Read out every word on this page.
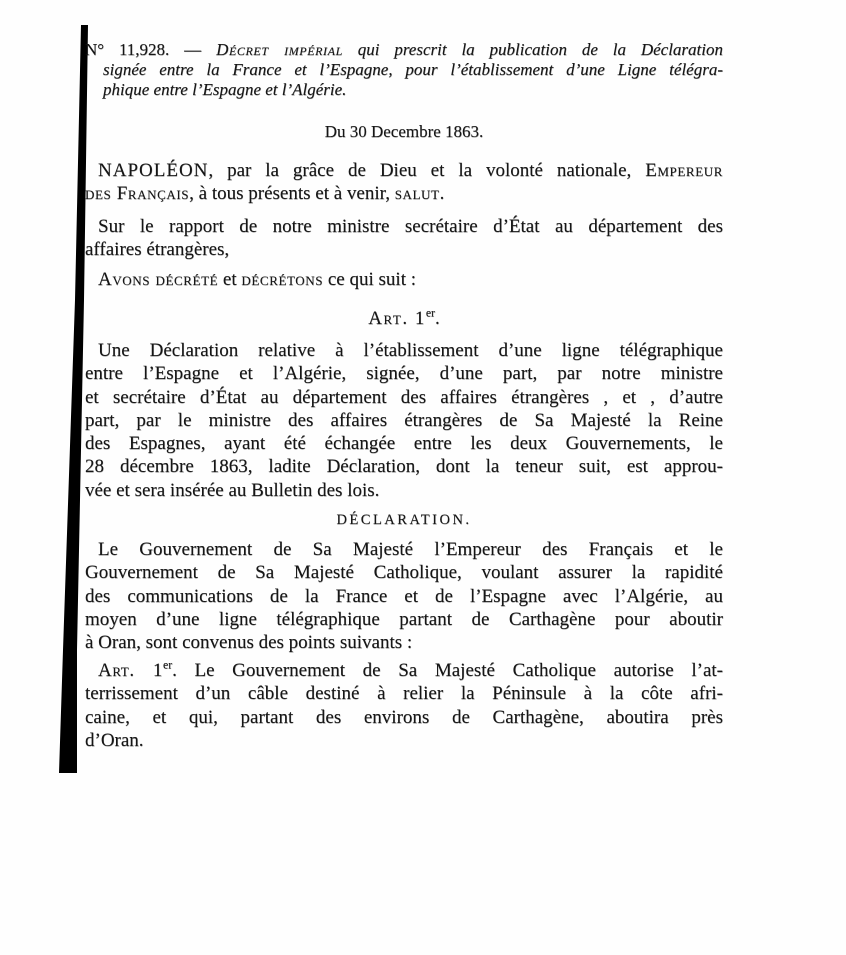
N° 11,928. — Décret impérial qui prescrit la publication de la Déclaration
signée entre la France et l’Espagne, pour l’établissement d’une Ligne télégra-
phique entre l’Espagne et l’Algérie.

Du 30 Decembre 1863.

NAPOLÉON, par la grâce de Dieu et la volonté nationale, Empereur
des Français, à tous présents et à venir, salut.

Sur le rapport de notre ministre secrétaire d’État au département des
affaires étrangères,

Avons décrété et décrétons ce qui suit :

Art. 1er.

Une Déclaration relative à l’établissement d’une ligne télégraphique
entre l’Espagne et l’Algérie, signée, d’une part, par notre ministre
et secrétaire d’État au département des affaires étrangères , et , d’autre
part, par le ministre des affaires étrangères de Sa Majesté la Reine
des Espagnes, ayant été échangée entre les deux Gouvernements, le
28 décembre 1863, ladite Déclaration, dont la teneur suit, est approu-
vée et sera insérée au Bulletin des lois.

DÉCLARATION.

Le Gouvernement de Sa Majesté l’Empereur des Français et le
Gouvernement de Sa Majesté Catholique, voulant assurer la rapidité
des communications de la France et de l’Espagne avec l’Algérie, au
moyen d’une ligne télégraphique partant de Carthagène pour aboutir
à Oran, sont convenus des points suivants :

Art. 1er. Le Gouvernement de Sa Majesté Catholique autorise l’at-
terrissement d’un câble destiné à relier la Péninsule à la côte afri-
caine, et qui, partant des environs de Carthagène, aboutira près
d’Oran.
